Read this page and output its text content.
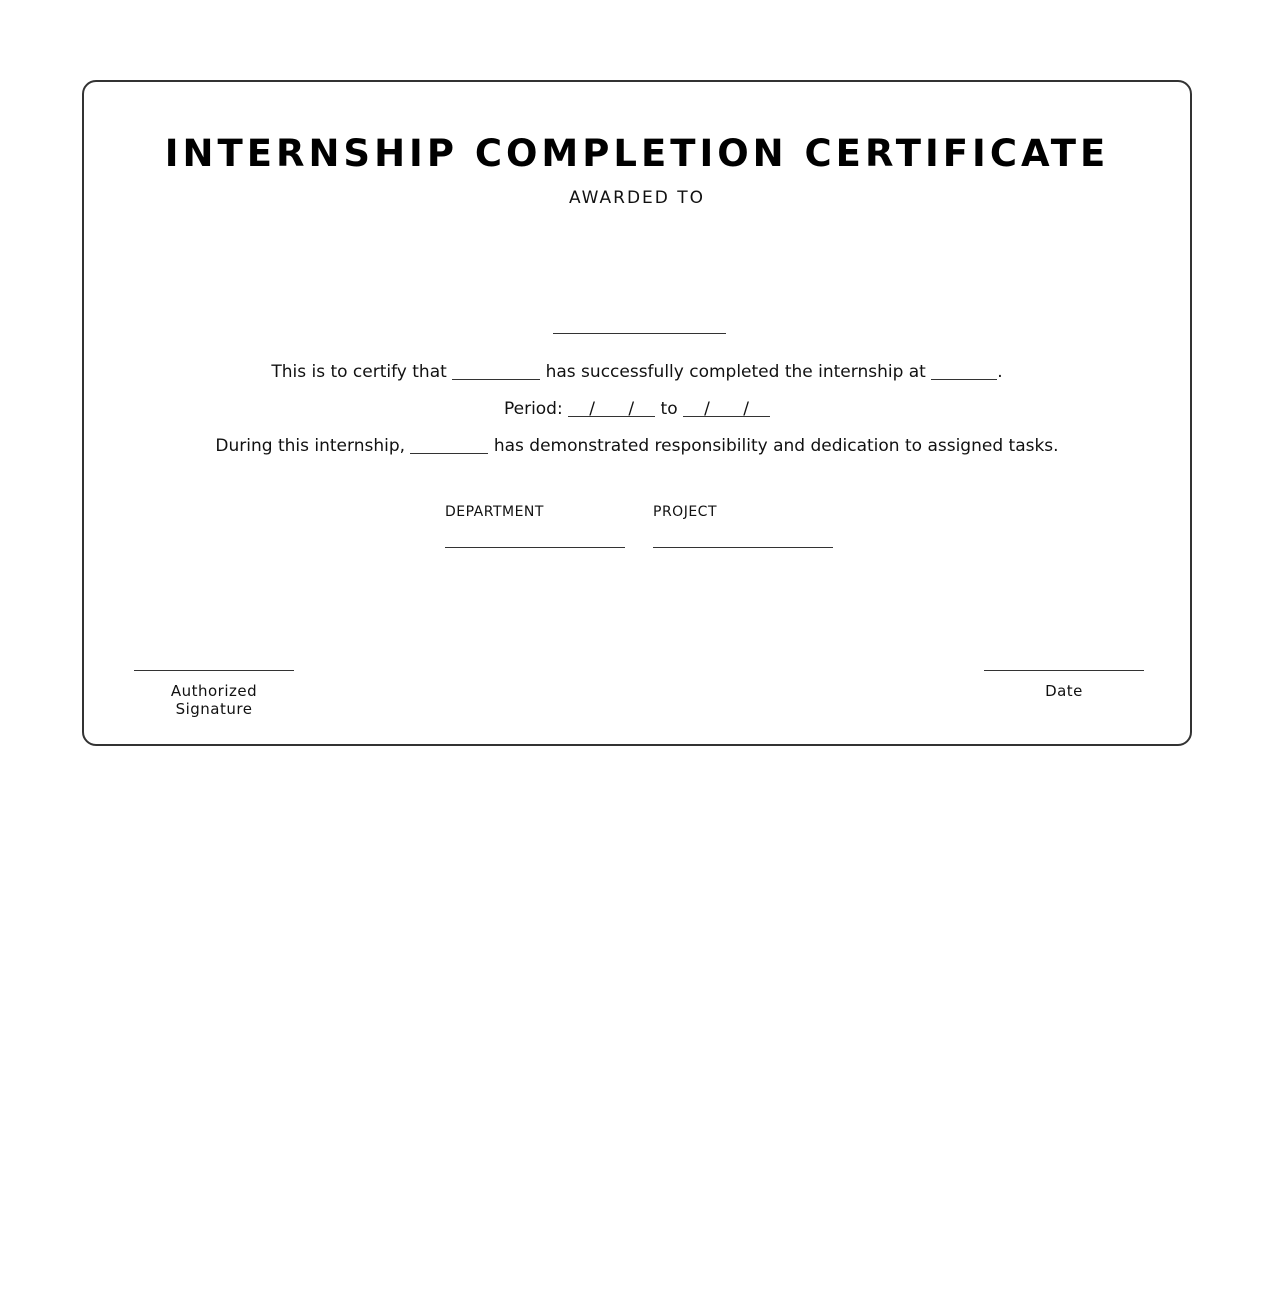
INTERNSHIP COMPLETION CERTIFICATE
AWARDED TO
This is to certify that	has successfully completed the internship at	.
Period: / / to / /
During this internship,	has demonstrated responsibility and dedication to assigned tasks.
DEPARTMENT	PROJECT
Authorized Signature
Date
